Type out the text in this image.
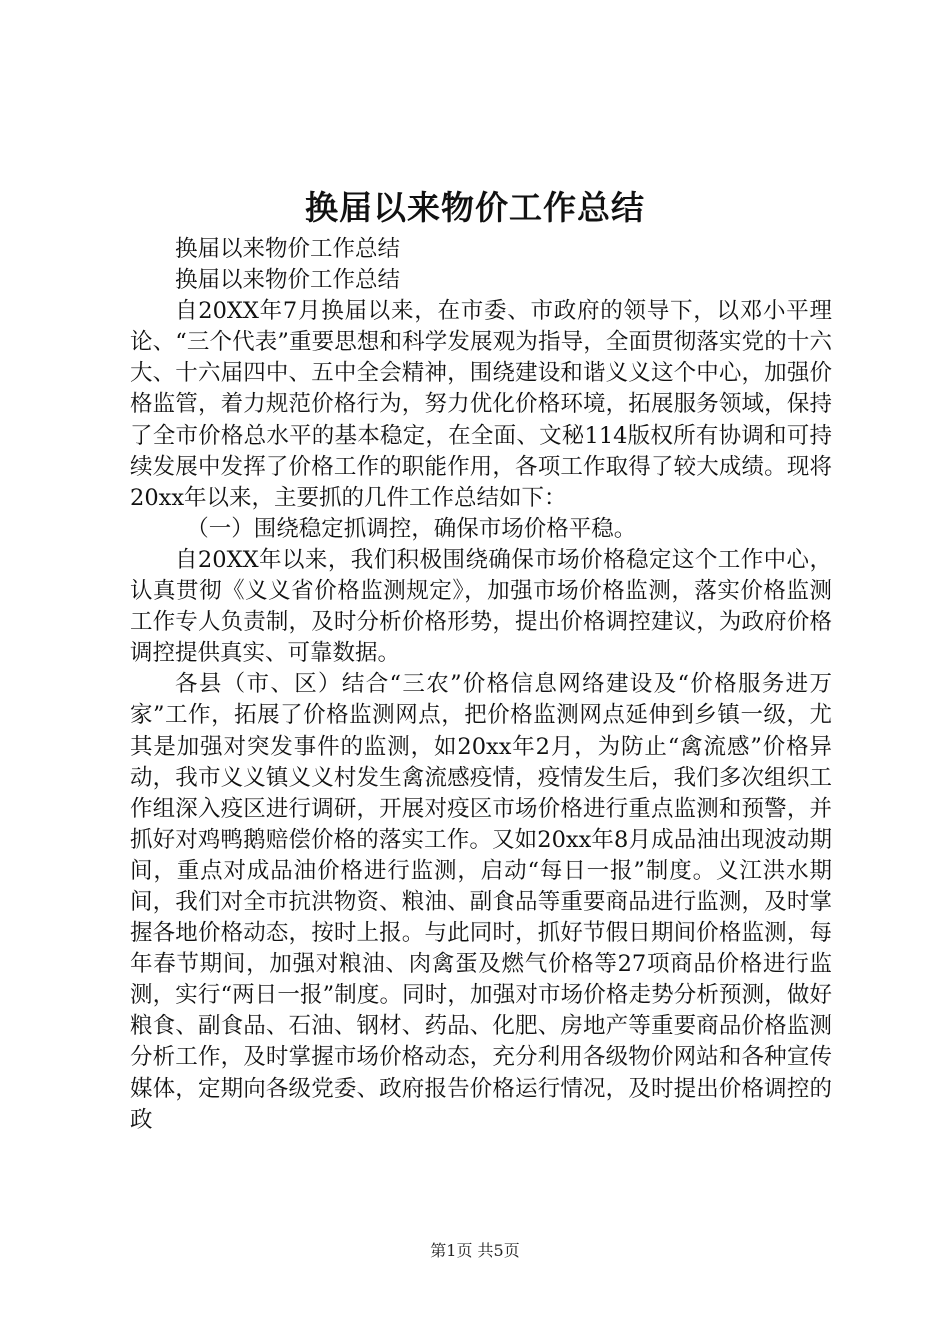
换届以来物价工作总结

换届以来物价工作总结

换届以来物价工作总结

自20XX年7月换届以来，在市委、市政府的领导下，以邓小平理论、“三个代表”重要思想和科学发展观为指导，全面贯彻落实党的十六大、十六届四中、五中全会精神，围绕建设和谐义义这个中心，加强价格监管，着力规范价格行为，努力优化价格环境，拓展服务领域，保持了全市价格总水平的基本稳定，在全面、文秘114版权所有协调和可持续发展中发挥了价格工作的职能作用，各项工作取得了较大成绩。现将20xx年以来，主要抓的几件工作总结如下：

（一）围绕稳定抓调控，确保市场价格平稳。

自20XX年以来，我们积极围绕确保市场价格稳定这个工作中心，认真贯彻《义义省价格监测规定》，加强市场价格监测，落实价格监测工作专人负责制，及时分析价格形势，提出价格调控建议，为政府价格调控提供真实、可靠数据。

各县（市、区）结合“三农”价格信息网络建设及“价格服务进万家”工作，拓展了价格监测网点，把价格监测网点延伸到乡镇一级，尤其是加强对突发事件的监测，如20xx年2月，为防止“禽流感”价格异动，我市义义镇义义村发生禽流感疫情，疫情发生后，我们多次组织工作组深入疫区进行调研，开展对疫区市场价格进行重点监测和预警，并抓好对鸡鸭鹅赔偿价格的落实工作。又如20xx年8月成品油出现波动期间，重点对成品油价格进行监测，启动“每日一报”制度。义江洪水期间，我们对全市抗洪物资、粮油、副食品等重要商品进行监测，及时掌握各地价格动态，按时上报。与此同时，抓好节假日期间价格监测，每年春节期间，加强对粮油、肉禽蛋及燃气价格等27项商品价格进行监测，实行“两日一报”制度。同时，加强对市场价格走势分析预测，做好粮食、副食品、石油、钢材、药品、化肥、房地产等重要商品价格监测分析工作，及时掌握市场价格动态，充分利用各级物价网站和各种宣传媒体，定期向各级党委、政府报告价格运行情况，及时提出价格调控的政

第1页 共5页
